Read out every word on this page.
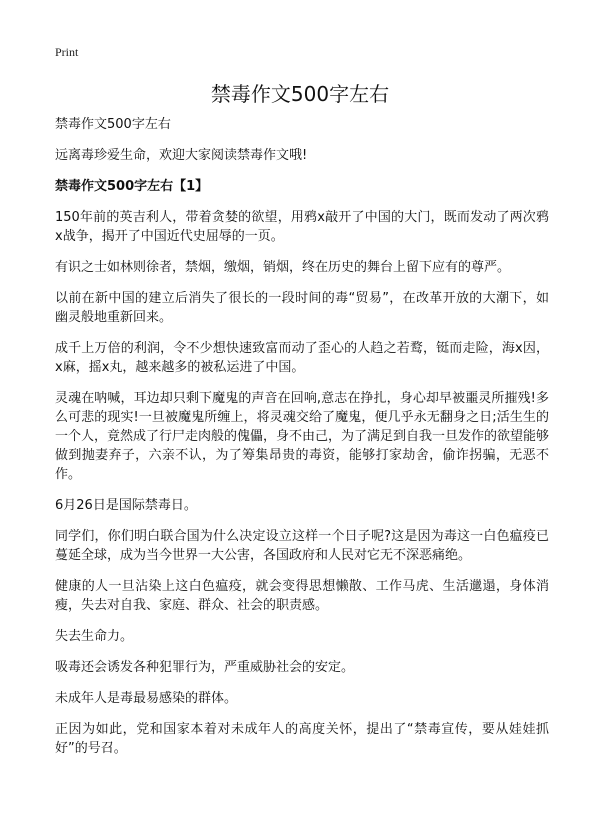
Print
禁毒作文500字左右

禁毒作文500字左右

远离毒珍爱生命，欢迎大家阅读禁毒作文哦!

禁毒作文500字左右【1】

150年前的英吉利人，带着贪婪的欲望，用鸦x敲开了中国的大门，既而发动了两次鸦x战争，揭开了中国近代史屈辱的一页。

有识之士如林则徐者，禁烟，缴烟，销烟，终在历史的舞台上留下应有的尊严。

以前在新中国的建立后消失了很长的一段时间的毒“贸易”，在改革开放的大潮下，如幽灵般地重新回来。

成千上万倍的利润，令不少想快速致富而动了歪心的人趋之若鹜，铤而走险，海x因，x麻，摇x丸，越来越多的被私运进了中国。

灵魂在呐喊，耳边却只剩下魔鬼的声音在回响,意志在挣扎，身心却早被噩灵所摧残!多么可悲的现实!一旦被魔鬼所缠上，将灵魂交给了魔鬼，便几乎永无翻身之日;活生生的一个人，竟然成了行尸走肉般的傀儡，身不由己，为了满足到自我一旦发作的欲望能够做到抛妻弃子，六亲不认，为了筹集昂贵的毒资，能够打家劫舍，偷诈拐骗，无恶不作。

6月26日是国际禁毒日。

同学们，你们明白联合国为什么决定设立这样一个日子呢?这是因为毒这一白色瘟疫已蔓延全球，成为当今世界一大公害，各国政府和人民对它无不深恶痛绝。

健康的人一旦沾染上这白色瘟疫，就会变得思想懒散、工作马虎、生活邋遢，身体消瘦，失去对自我、家庭、群众、社会的职责感。

失去生命力。

吸毒还会诱发各种犯罪行为，严重威胁社会的安定。

未成年人是毒最易感染的群体。

正因为如此，党和国家本着对未成年人的高度关怀，提出了“禁毒宣传，要从娃娃抓好”的号召。
